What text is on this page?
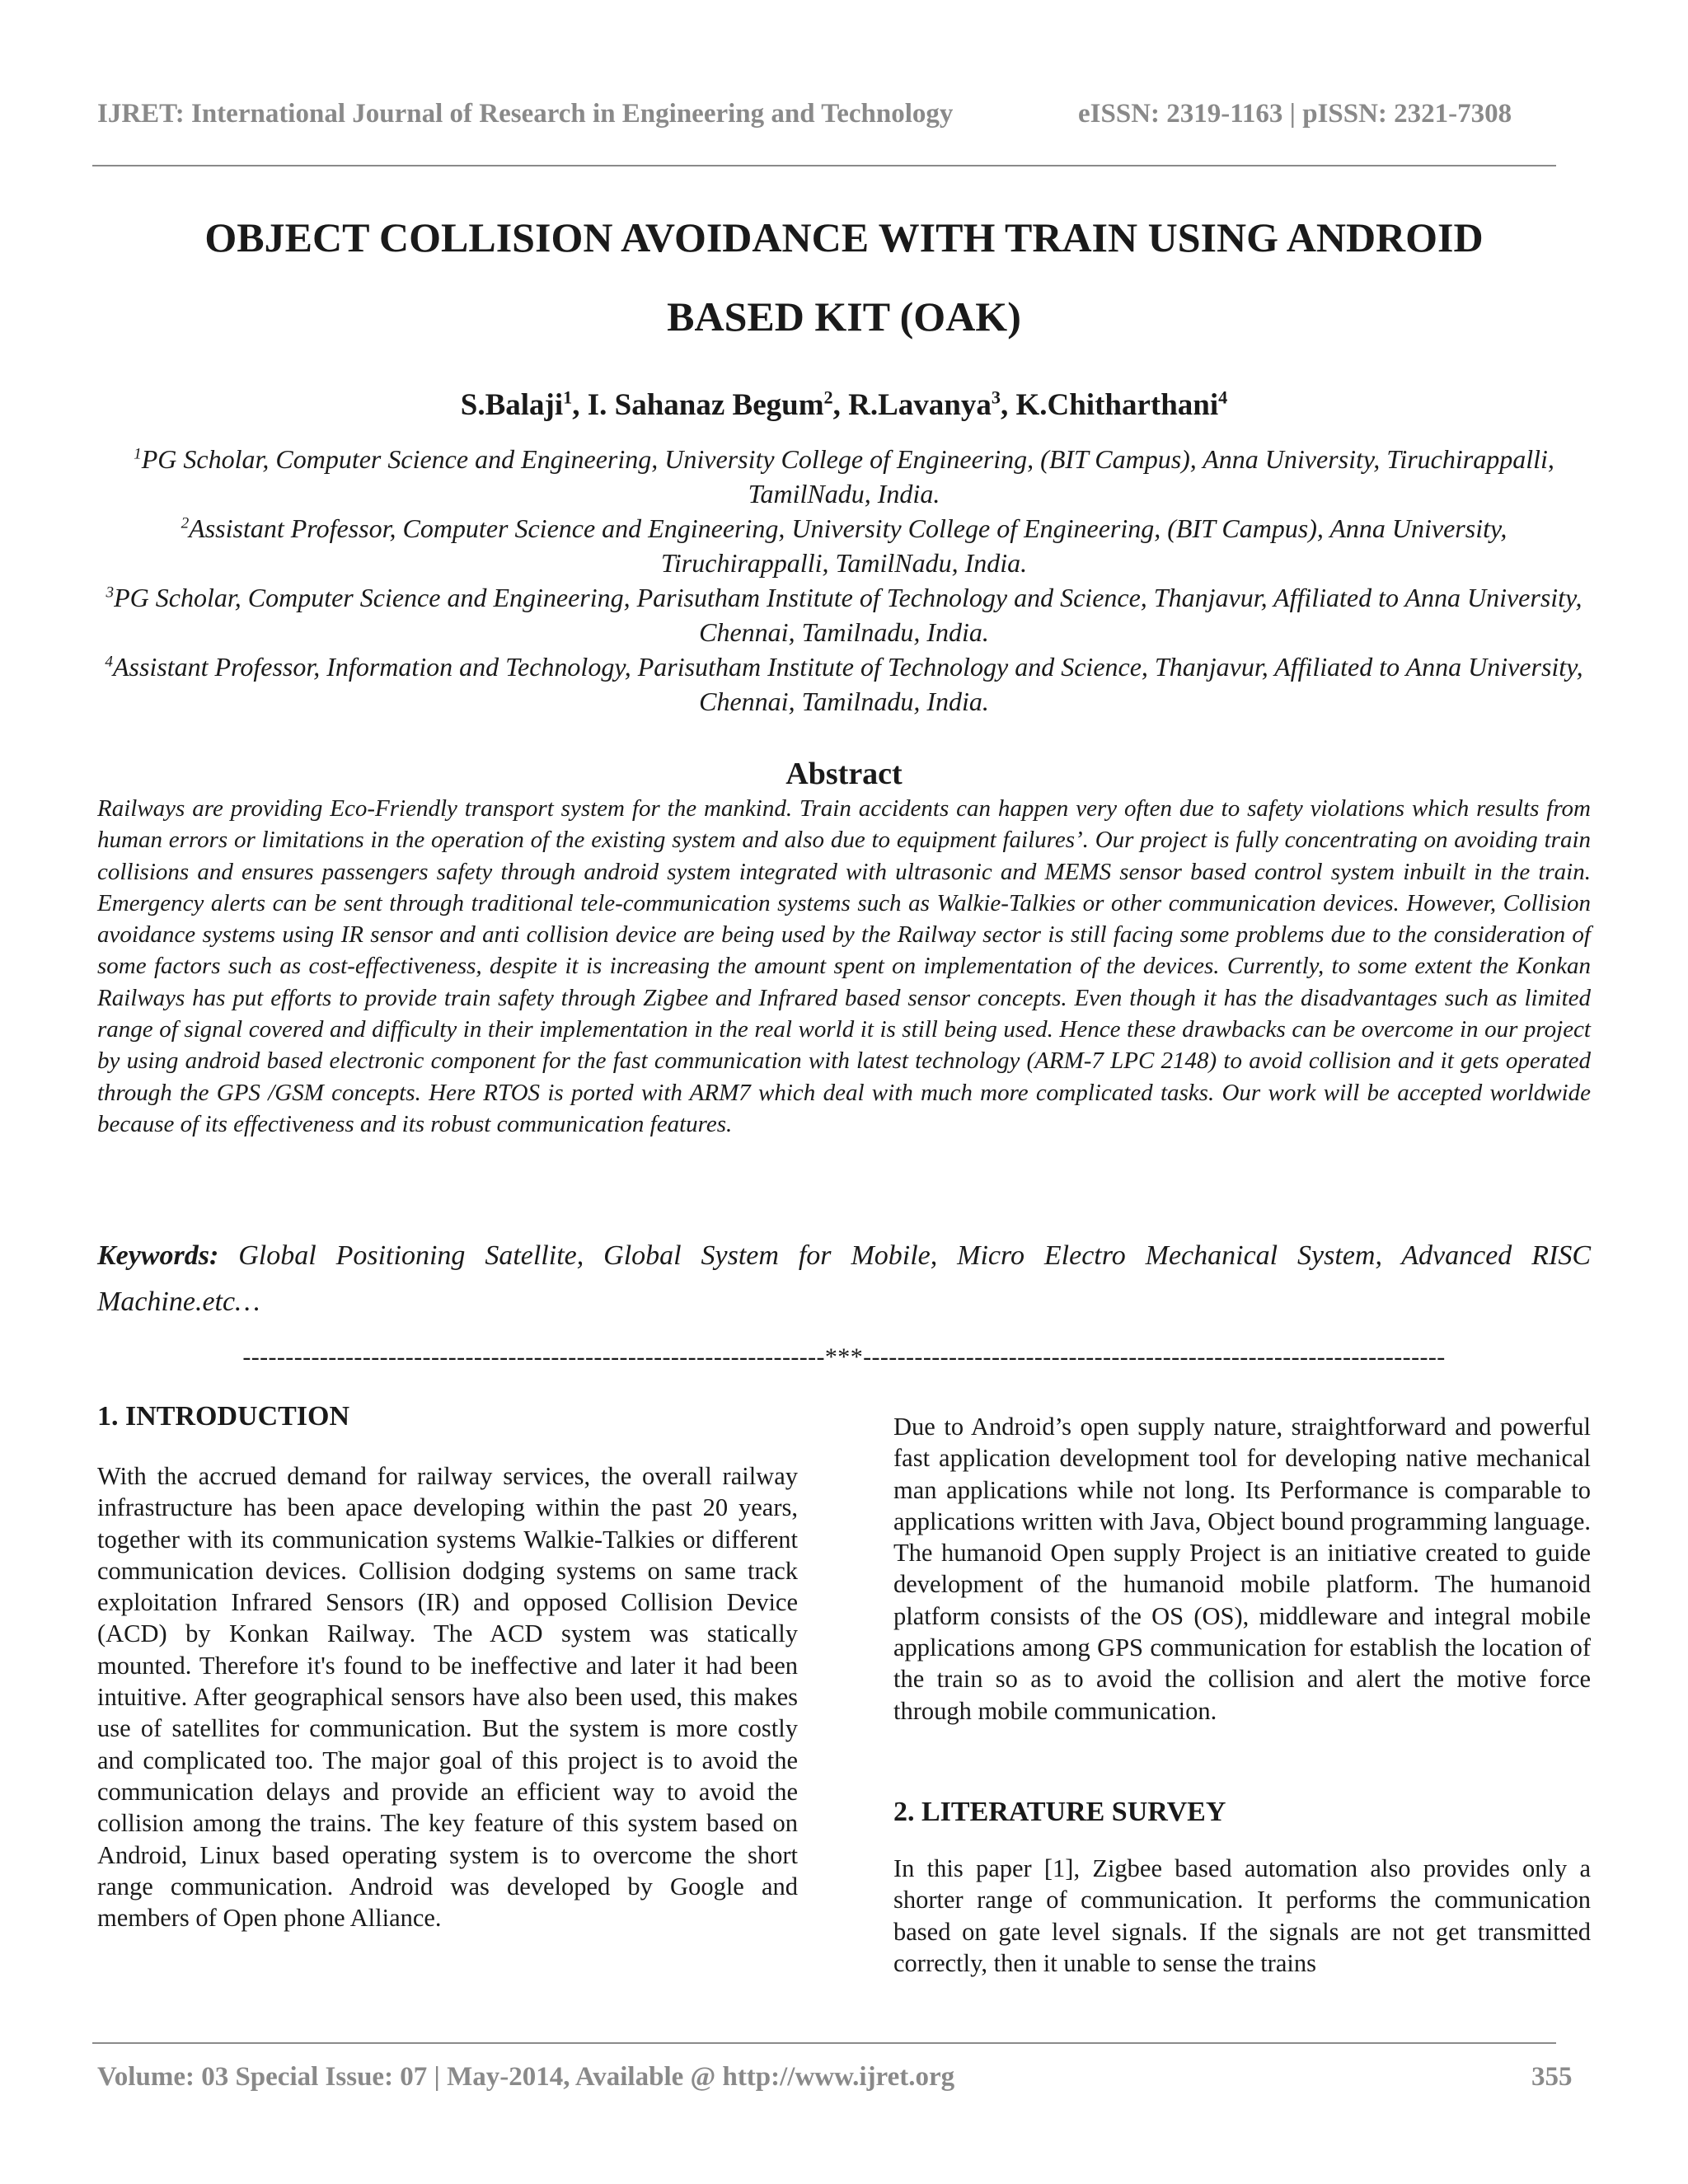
IJRET: International Journal of Research in Engineering and Technology	eISSN: 2319-1163 | pISSN: 2321-7308
OBJECT COLLISION AVOIDANCE WITH TRAIN USING ANDROID
BASED KIT (OAK)
S.Balaji$^1$, I. Sahanaz Begum$^2$, R.Lavanya$^3$, K.Chitharthani$^4$

$^1$PG Scholar, Computer Science and Engineering, University College of Engineering, (BIT Campus), Anna University, Tiruchirappalli, TamilNadu, India.

$^2$Assistant Professor, Computer Science and Engineering, University College of Engineering, (BIT Campus), Anna University, Tiruchirappalli, TamilNadu, India.

$^3$PG Scholar, Computer Science and Engineering, Parisutham Institute of Technology and Science, Thanjavur, Affiliated to Anna University, Chennai, Tamilnadu, India.

$^4$Assistant Professor, Information and Technology, Parisutham Institute of Technology and Science, Thanjavur, Affiliated to Anna University, Chennai, Tamilnadu, India.

Abstract

Railways are providing Eco-Friendly transport system for the mankind. Train accidents can happen very often due to safety violations which results from human errors or limitations in the operation of the existing system and also due to equipment failures’. Our project is fully concentrating on avoiding train collisions and ensures passengers safety through android system integrated with ultrasonic and MEMS sensor based control system inbuilt in the train. Emergency alerts can be sent through traditional tele-communication systems such as Walkie-Talkies or other communication devices. However, Collision avoidance systems using IR sensor and anti collision device are being used by the Railway sector is still facing some problems due to the consideration of some factors such as cost-effectiveness, despite it is increasing the amount spent on implementation of the devices. Currently, to some extent the Konkan Railways has put efforts to provide train safety through Zigbee and Infrared based sensor concepts. Even though it has the disadvantages such as limited range of signal covered and difficulty in their implementation in the real world it is still being used. Hence these drawbacks can be overcome in our project by using android based electronic component for the fast communication with latest technology (ARM-7 LPC 2148) to avoid collision and it gets operated through the GPS /GSM concepts. Here RTOS is ported with ARM7 which deal with much more complicated tasks. Our work will be accepted worldwide because of its effectiveness and its robust communication features.

Keywords: Global Positioning Satellite, Global System for Mobile, Micro Electro Mechanical System, Advanced RISC Machine.etc…

--------------------------------------------------------------------***--------------------------------------------------------------------
1. INTRODUCTION

With the accrued demand for railway services, the overall railway infrastructure has been apace developing within the past 20 years, together with its communication systems Walkie-Talkies or different communication devices. Collision dodging systems on same track exploitation Infrared Sensors (IR) and opposed Collision Device (ACD) by Konkan Railway. The ACD system was statically mounted. Therefore it's found to be ineffective and later it had been intuitive. After geographical sensors have also been used, this makes use of satellites for communication. But the system is more costly and complicated too. The major goal of this project is to avoid the communication delays and provide an efficient way to avoid the collision among the trains. The key feature of this system based on Android, Linux based operating system is to overcome the short range communication. Android was developed by Google and members of Open phone Alliance.

Due to Android’s open supply nature, straightforward and powerful fast application development tool for developing native mechanical man applications while not long. Its Performance is comparable to applications written with Java, Object bound programming language. The humanoid Open supply Project is an initiative created to guide development of the humanoid mobile platform. The humanoid platform consists of the OS (OS), middleware and integral mobile applications among GPS communication for establish the location of the train so as to avoid the collision and alert the motive force through mobile communication.

2. LITERATURE SURVEY

In this paper [1], Zigbee based automation also provides only a shorter range of communication. It performs the communication based on gate level signals. If the signals are not get transmitted correctly, then it unable to sense the trains

Volume: 03 Special Issue: 07 | May-2014, Available @ http://www.ijret.org	355
